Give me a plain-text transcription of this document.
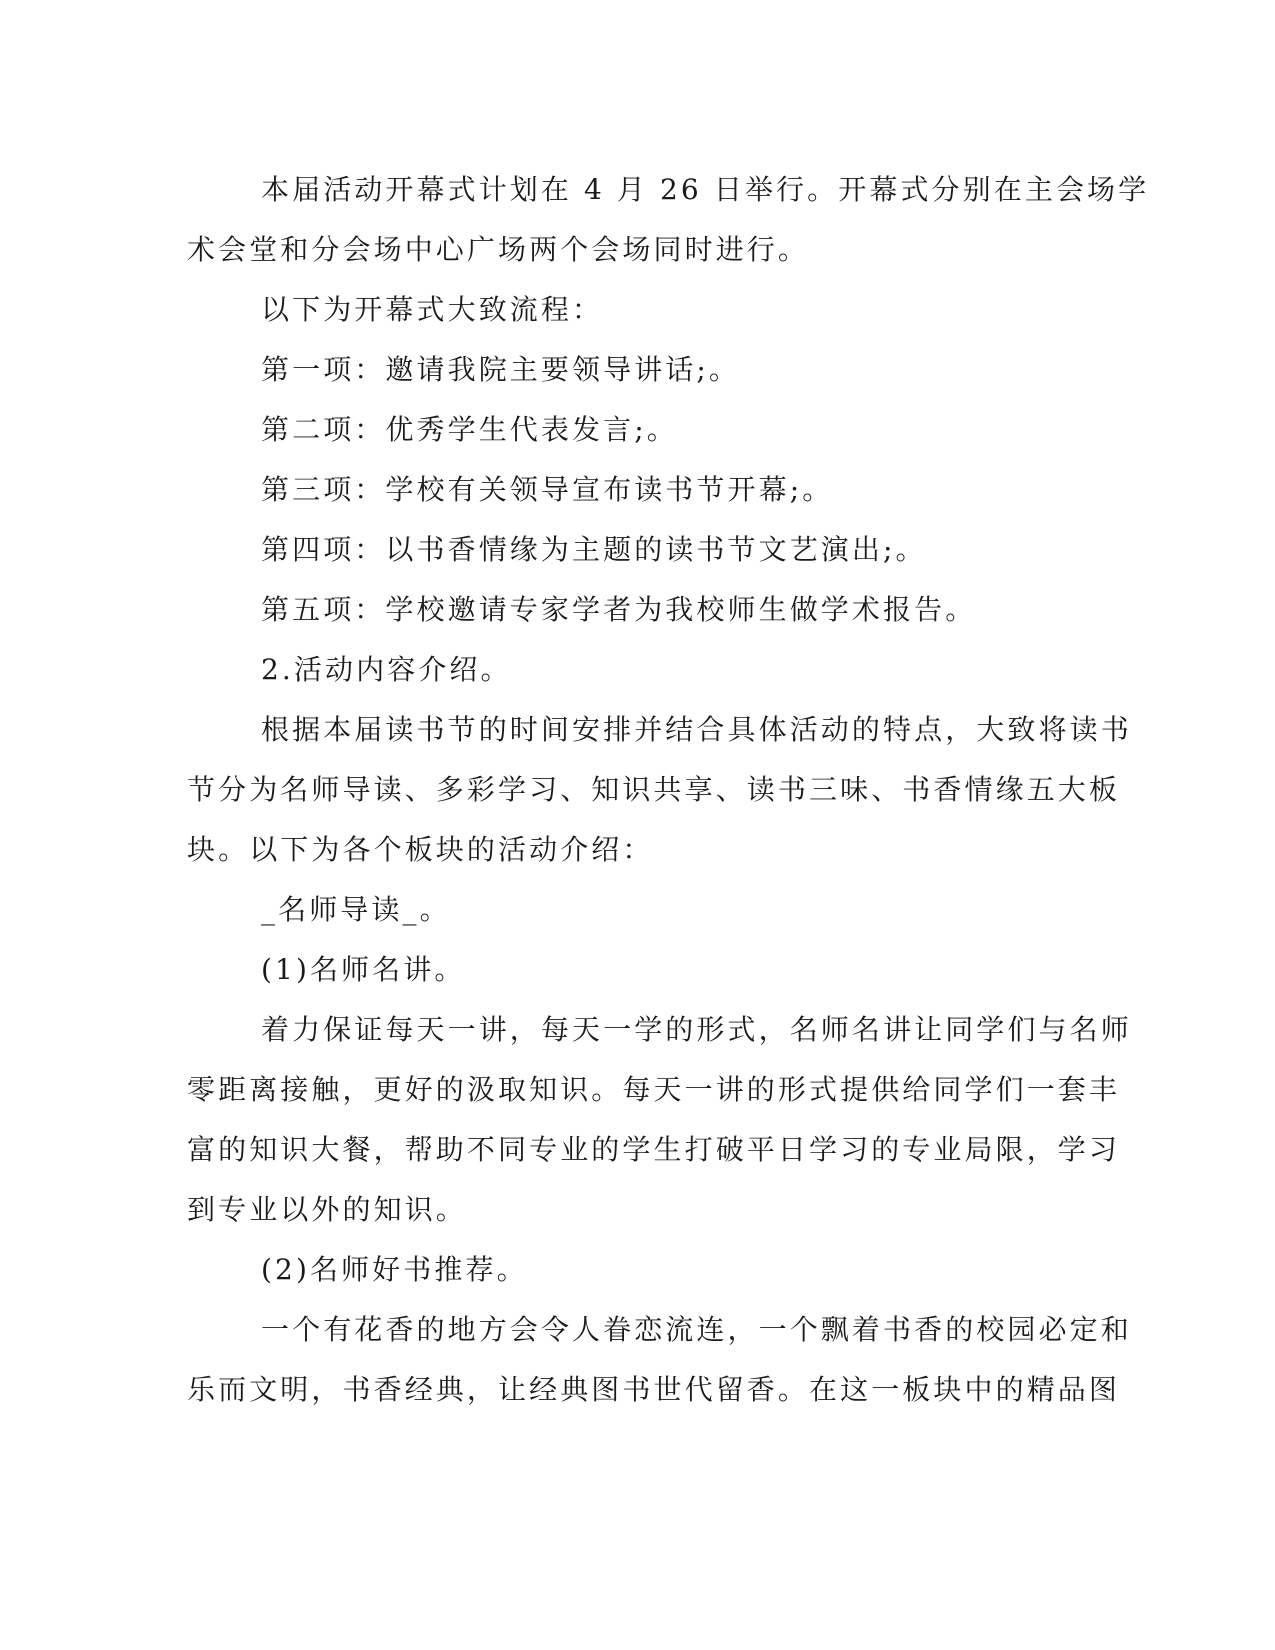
本届活动开幕式计划在 4 月 26 日举行。开幕式分别在主会场学
术会堂和分会场中心广场两个会场同时进行。
以下为开幕式大致流程：
第一项：邀请我院主要领导讲话;。
第二项：优秀学生代表发言;。
第三项：学校有关领导宣布读书节开幕;。
第四项：以书香情缘为主题的读书节文艺演出;。
第五项：学校邀请专家学者为我校师生做学术报告。
2.活动内容介绍。
根据本届读书节的时间安排并结合具体活动的特点，大致将读书
节分为名师导读、多彩学习、知识共享、读书三味、书香情缘五大板
块。以下为各个板块的活动介绍：
_名师导读_。
(1)名师名讲。
着力保证每天一讲，每天一学的形式，名师名讲让同学们与名师
零距离接触，更好的汲取知识。每天一讲的形式提供给同学们一套丰
富的知识大餐，帮助不同专业的学生打破平日学习的专业局限，学习
到专业以外的知识。
(2)名师好书推荐。
一个有花香的地方会令人眷恋流连，一个飘着书香的校园必定和
乐而文明，书香经典，让经典图书世代留香。在这一板块中的精品图
